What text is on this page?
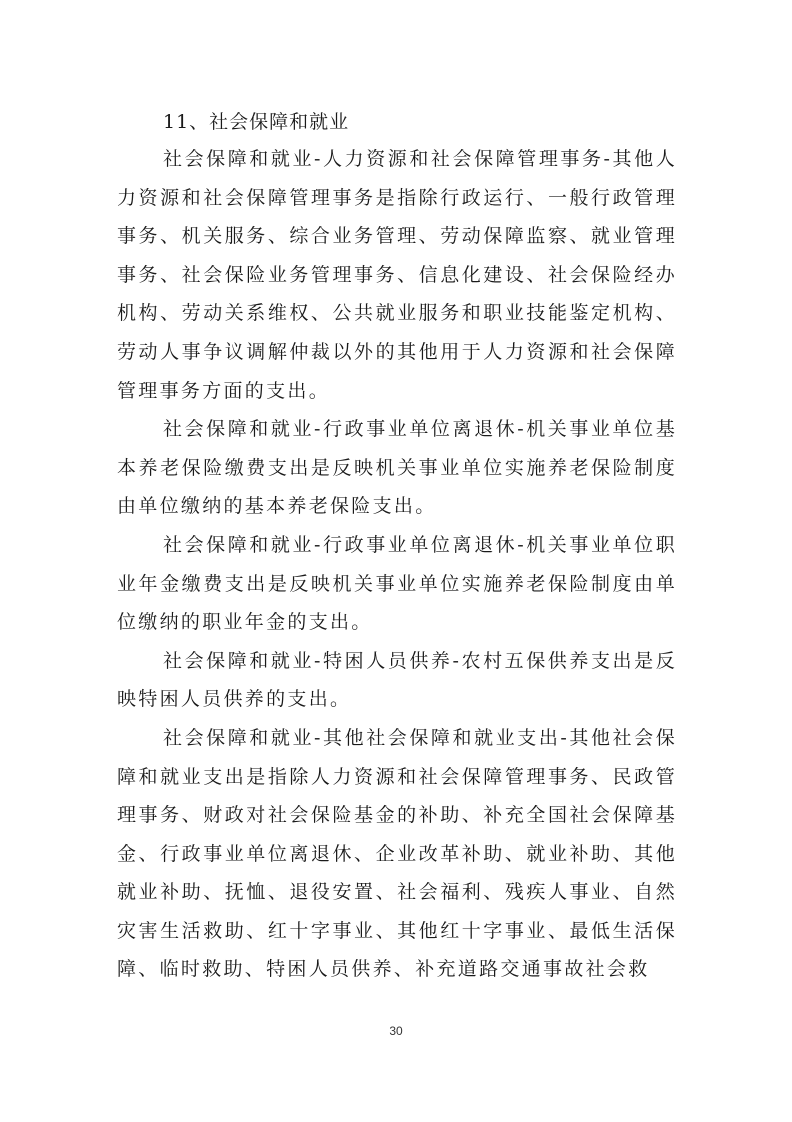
11、社会保障和就业

社会保障和就业-人力资源和社会保障管理事务-其他人力资源和社会保障管理事务是指除行政运行、一般行政管理事务、机关服务、综合业务管理、劳动保障监察、就业管理事务、社会保险业务管理事务、信息化建设、社会保险经办机构、劳动关系维权、公共就业服务和职业技能鉴定机构、劳动人事争议调解仲裁以外的其他用于人力资源和社会保障管理事务方面的支出。

社会保障和就业-行政事业单位离退休-机关事业单位基本养老保险缴费支出是反映机关事业单位实施养老保险制度由单位缴纳的基本养老保险支出。

社会保障和就业-行政事业单位离退休-机关事业单位职业年金缴费支出是反映机关事业单位实施养老保险制度由单位缴纳的职业年金的支出。

社会保障和就业-特困人员供养-农村五保供养支出是反映特困人员供养的支出。

社会保障和就业-其他社会保障和就业支出-其他社会保障和就业支出是指除人力资源和社会保障管理事务、民政管理事务、财政对社会保险基金的补助、补充全国社会保障基金、行政事业单位离退休、企业改革补助、就业补助、其他就业补助、抚恤、退役安置、社会福利、残疾人事业、自然灾害生活救助、红十字事业、其他红十字事业、最低生活保障、临时救助、特困人员供养、补充道路交通事故社会救

30
